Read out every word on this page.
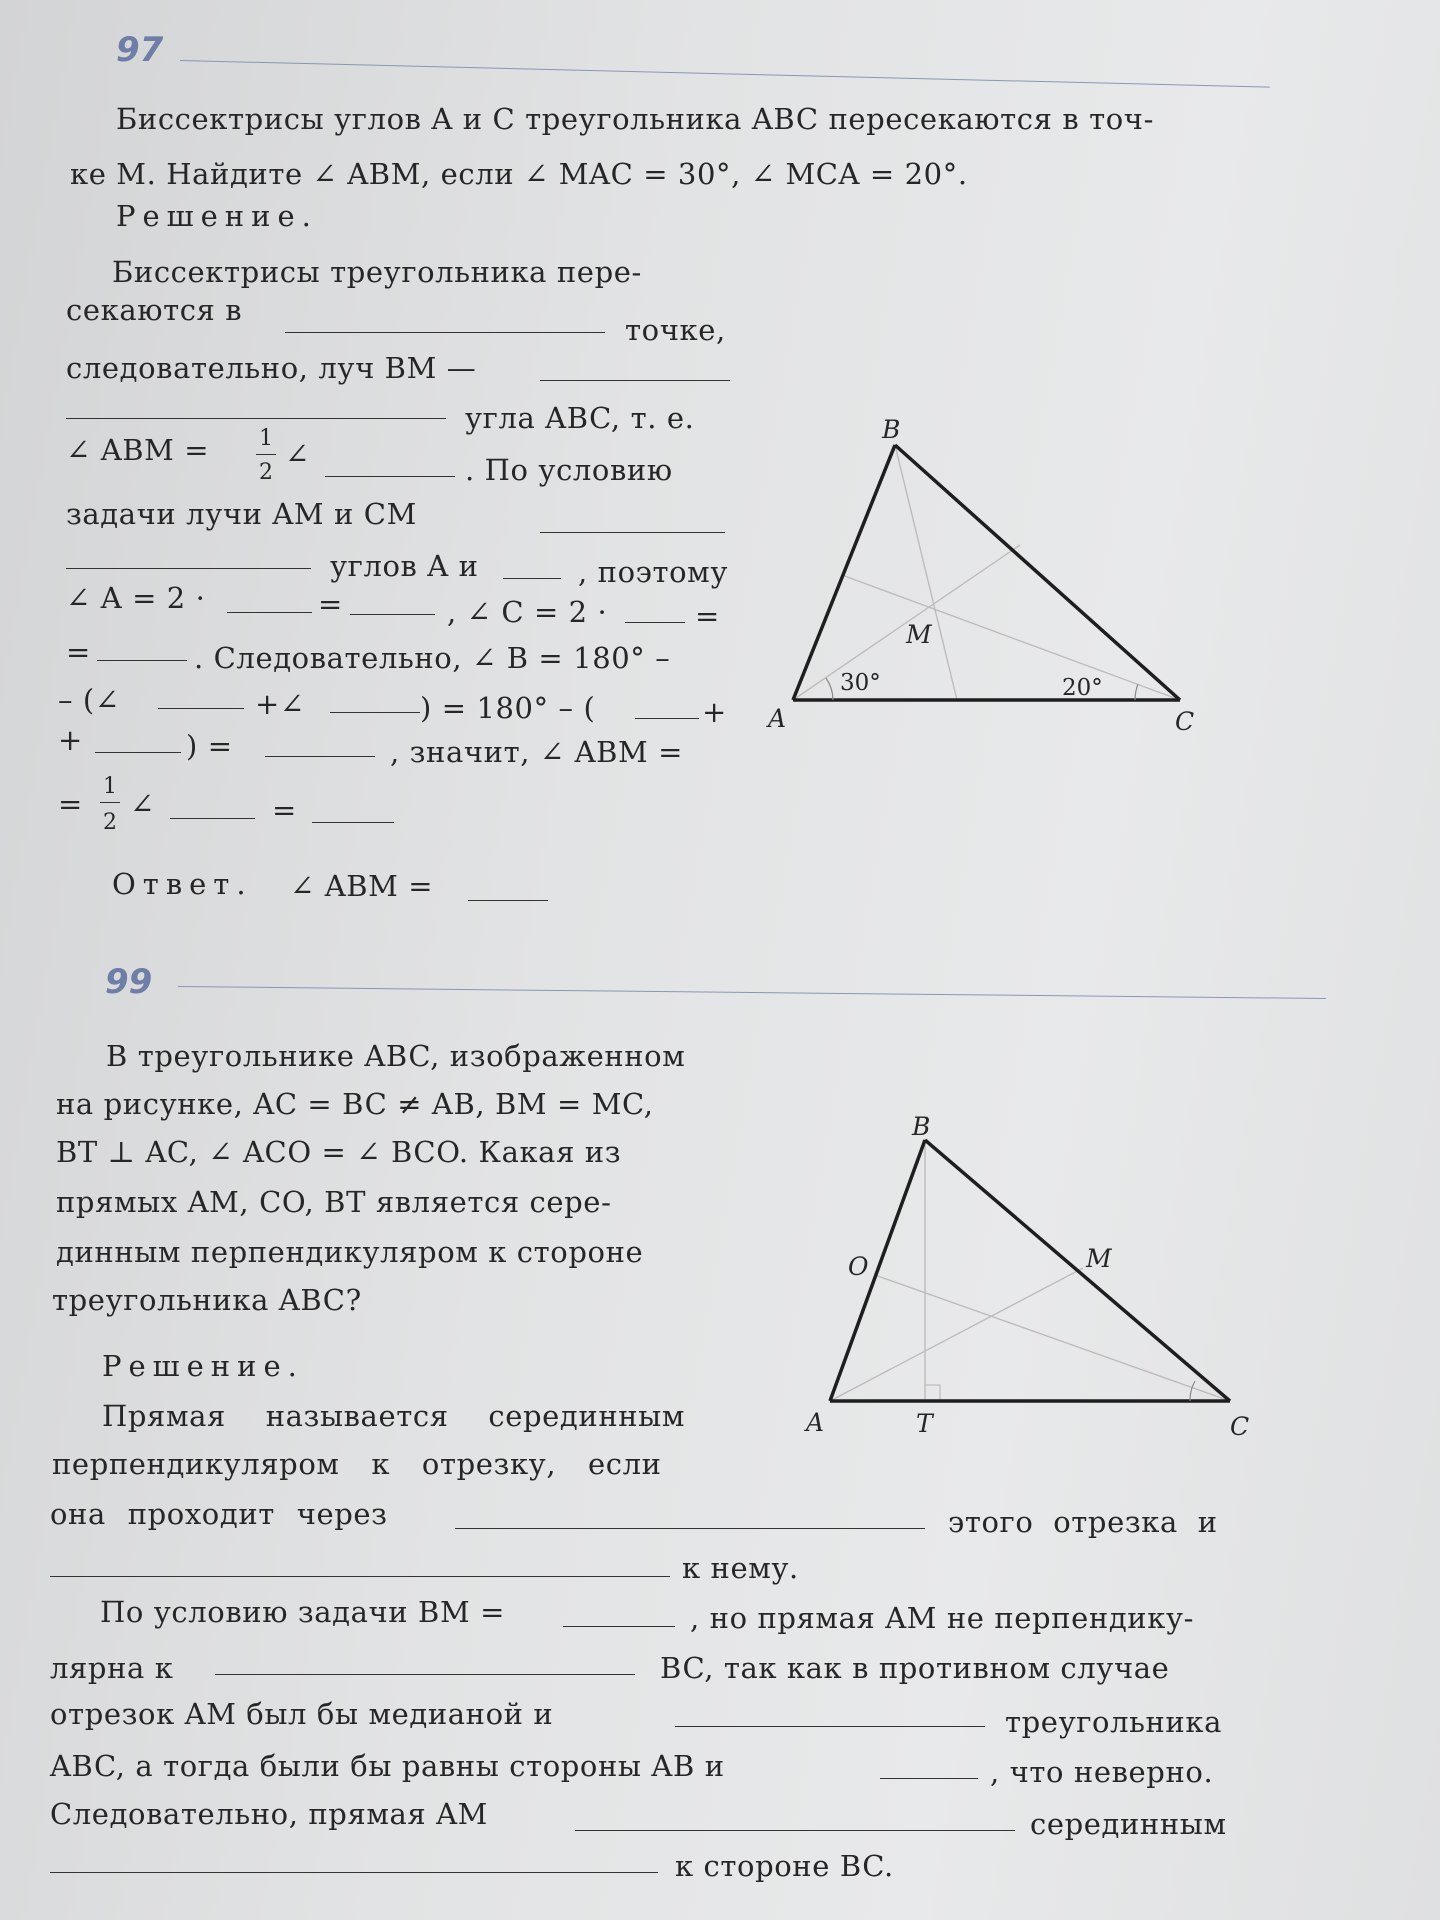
97
Биссектрисы углов A и C треугольника ABC пересекаются в точ-
ке M. Найдите ∠ ABM, если ∠ MAC = 30°, ∠ MCA = 20°.
Решение.
Биссектрисы треугольника пере-
секаются в
точке,
следовательно, луч BM —
угла ABC, т. е.
∠ ABM = 1
2
∠	. По условию
задачи лучи AM и CM
углов A и	, поэтому
∠ A = 2 ·	=	, ∠ C = 2 ·	=
=	. Следовательно, ∠ B = 180° –
– (∠	+∠	) = 180° – (	+
+	) =	, значит, ∠ ABM =
=
1
2
∠	=
Ответ. ∠ ABM =
B
A	C
M
30°	20°
99
В треугольнике ABC, изображенном
на рисунке, AC = BC ≠ AB, BM = MC,
BT ⊥ AC, ∠ ACO = ∠ BCO. Какая из
прямых AM, CO, BT является сере-
динным перпендикуляром к стороне
треугольника ABC?
Решение.
Прямая называется серединным
перпендикуляром к отрезку, если
она проходит через	этого отрезка и
к нему.
По условию задачи BM =	, но прямая AM не перпендику-
лярна к	BC, так как в противном случае
отрезок AM был бы медианой и	треугольника
ABC, а тогда были бы равны стороны AB и	, что неверно.
Следовательно, прямая AM	серединным
к стороне BC.
B
O	M
A	T	C
